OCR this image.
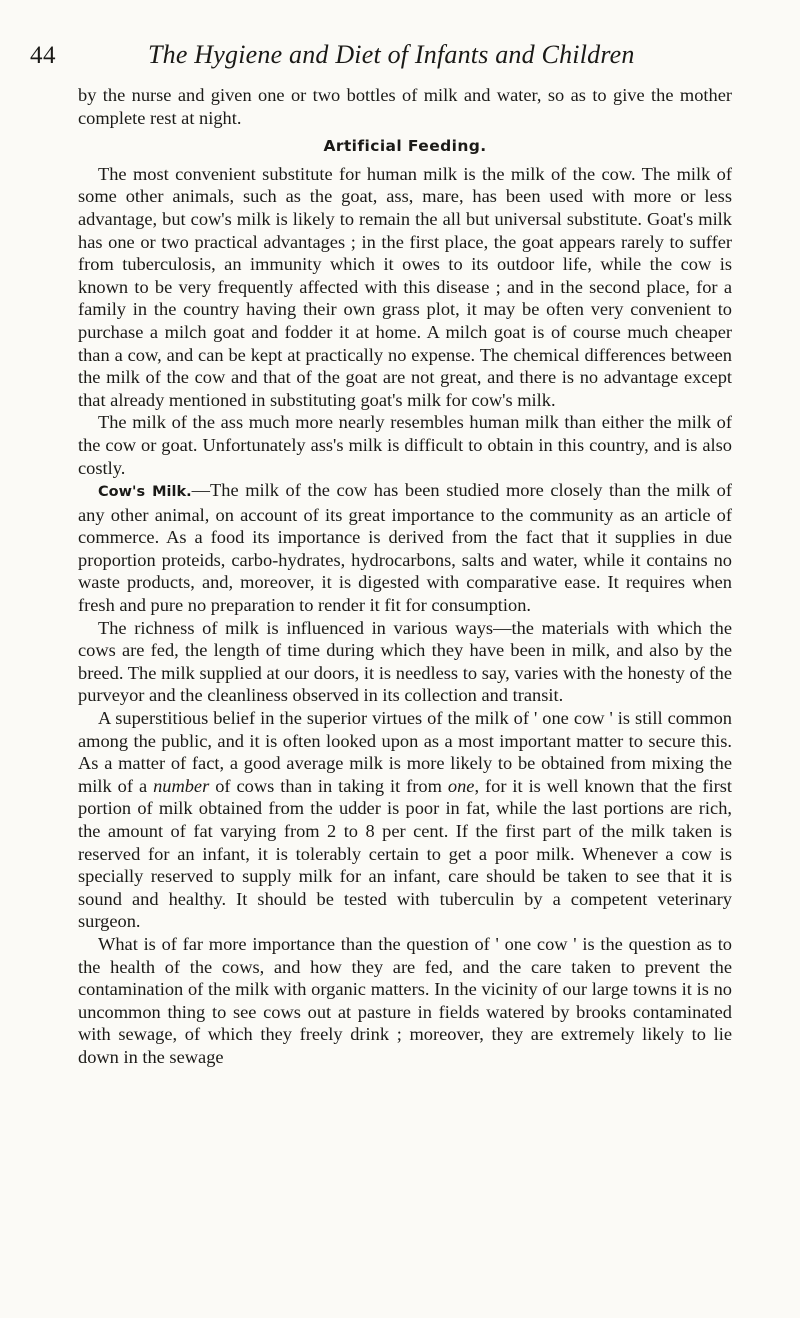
44	The Hygiene and Diet of Infants and Children

by the nurse and given one or two bottles of milk and water, so as to give the mother complete rest at night.

Artificial Feeding.

The most convenient substitute for human milk is the milk of the cow. The milk of some other animals, such as the goat, ass, mare, has been used with more or less advantage, but cow's milk is likely to remain the all but universal substitute. Goat's milk has one or two practical advantages ; in the first place, the goat appears rarely to suffer from tuberculosis, an immunity which it owes to its outdoor life, while the cow is known to be very frequently affected with this disease ; and in the second place, for a family in the country having their own grass plot, it may be often very convenient to purchase a milch goat and fodder it at home. A milch goat is of course much cheaper than a cow, and can be kept at practically no expense. The chemical differences between the milk of the cow and that of the goat are not great, and there is no advantage except that already mentioned in substituting goat's milk for cow's milk.

The milk of the ass much more nearly resembles human milk than either the milk of the cow or goat. Unfortunately ass's milk is difficult to obtain in this country, and is also costly.

Cow's Milk.—The milk of the cow has been studied more closely than the milk of any other animal, on account of its great importance to the community as an article of commerce. As a food its importance is derived from the fact that it supplies in due proportion proteids, carbo-hydrates, hydrocarbons, salts and water, while it contains no waste products, and, moreover, it is digested with comparative ease. It requires when fresh and pure no preparation to render it fit for consumption.

The richness of milk is influenced in various ways—the materials with which the cows are fed, the length of time during which they have been in milk, and also by the breed. The milk supplied at our doors, it is needless to say, varies with the honesty of the purveyor and the cleanliness observed in its collection and transit.

A superstitious belief in the superior virtues of the milk of ' one cow ' is still common among the public, and it is often looked upon as a most important matter to secure this. As a matter of fact, a good average milk is more likely to be obtained from mixing the milk of a number of cows than in taking it from one, for it is well known that the first portion of milk obtained from the udder is poor in fat, while the last portions are rich, the amount of fat varying from 2 to 8 per cent. If the first part of the milk taken is reserved for an infant, it is tolerably certain to get a poor milk. Whenever a cow is specially reserved to supply milk for an infant, care should be taken to see that it is sound and healthy. It should be tested with tuberculin by a competent veterinary surgeon.

What is of far more importance than the question of ' one cow ' is the question as to the health of the cows, and how they are fed, and the care taken to prevent the contamination of the milk with organic matters. In the vicinity of our large towns it is no uncommon thing to see cows out at pasture in fields watered by brooks contaminated with sewage, of which they freely drink ; moreover, they are extremely likely to lie down in the sewage
